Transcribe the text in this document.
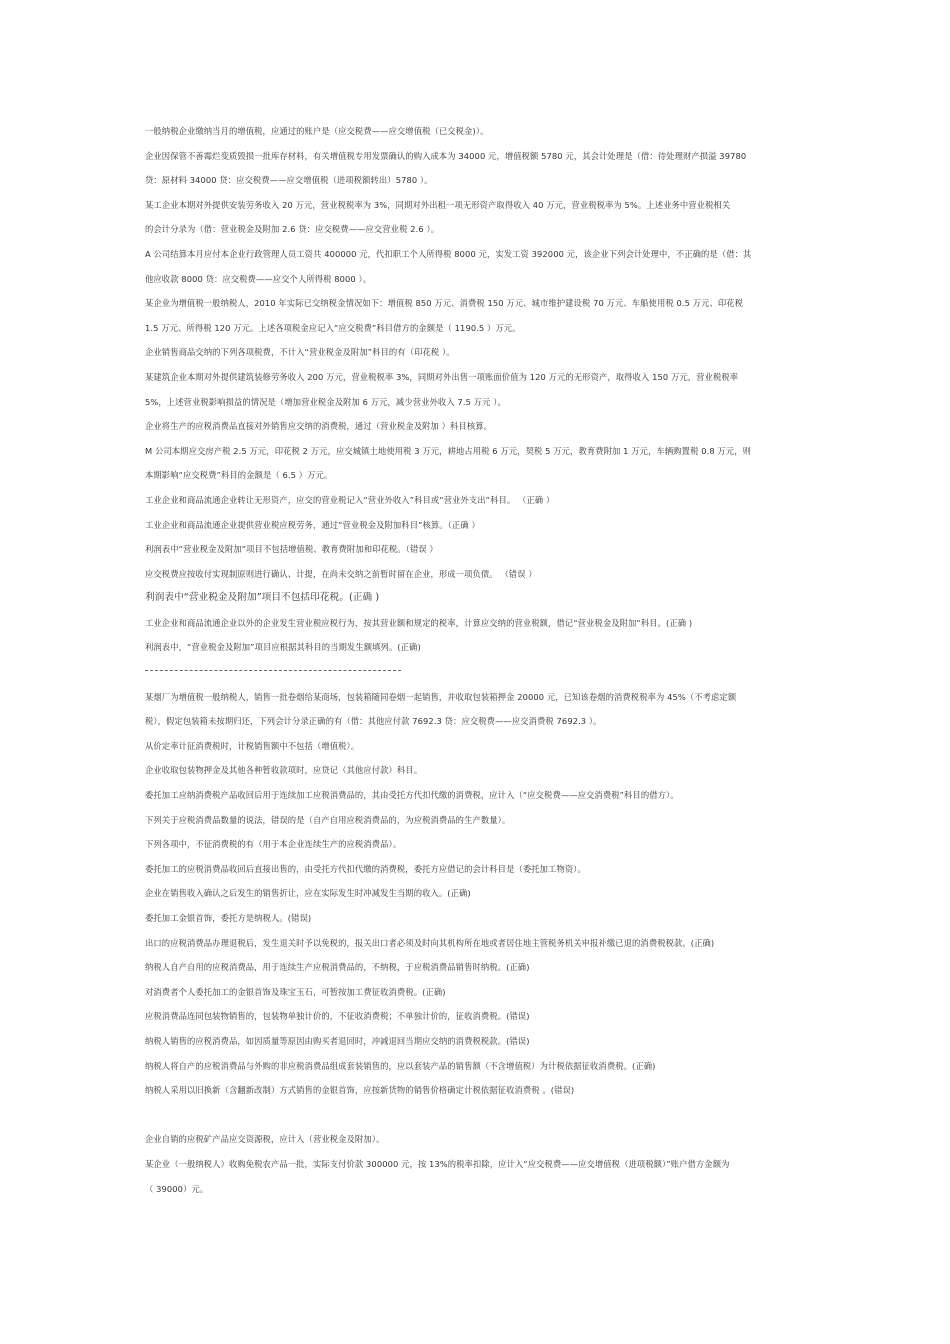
一般纳税企业缴纳当月的增值税，应通过的账户是（应交税费——应交增值税（已交税金)）。
企业因保管不善霉烂变质毁损一批库存材料，有关增值税专用发票确认的购入成本为 34000 元，增值税额 5780 元，其会计处理是（借：待处理财产损溢 39780
贷：原材料 34000 贷：应交税费——应交增值税（进项税额转出）5780 ）。
某工企业本期对外提供安装劳务收入 20 万元，营业税税率为 3%，同期对外出租一项无形资产取得收入 40 万元，营业税税率为 5%。上述业务中营业税相关
的会计分录为（借：营业税金及附加 2.6 贷：应交税费——应交营业税 2.6 ）。
A 公司结算本月应付本企业行政管理人员工资共 400000 元，代扣职工个人所得税 8000 元，实发工资 392000 元，该企业下列会计处理中，不正确的是（借：其
他应收款 8000 贷：应交税费——应交个人所得税 8000 ）。
某企业为增值税一般纳税人，2010 年实际已交纳税金情况如下：增值税 850 万元、消费税 150 万元、城市维护建设税 70 万元、车船使用税 0.5 万元、印花税
1.5 万元、所得税 120 万元。上述各项税金应记入“应交税费”科目借方的金额是（ 1190.5 ）万元。
企业销售商品交纳的下列各项税费，不计入“营业税金及附加”科目的有（印花税 ）。
某建筑企业本期对外提供建筑装修劳务收入 200 万元，营业税税率 3%，同期对外出售一项账面价值为 120 万元的无形资产，取得收入 150 万元，营业税税率
5%，上述营业税影响损益的情况是（增加营业税金及附加 6 万元，减少营业外收入 7.5 万元 ）。
企业将生产的应税消费品直接对外销售应交纳的消费税，通过（营业税金及附加 ）科目核算。
M 公司本期应交房产税 2.5 万元，印花税 2 万元，应交城镇土地使用税 3 万元，耕地占用税 6 万元，契税 5 万元，教育费附加 1 万元，车辆购置税 0.8 万元，则
本期影响“应交税费”科目的金额是（ 6.5 ）万元。
工业企业和商品流通企业转让无形资产，应交的营业税记入“营业外收入”科目或“营业外支出”科目。 （正确 ）
工业企业和商品流通企业提供营业税应税劳务，通过“营业税金及附加科目”核算。（正确 ）
利润表中“营业税金及附加”项目不包括增值税、教育费附加和印花税。（错误 ）
应交税费应按收付实现制原则进行确认、计提，在尚未交纳之前暂时留在企业，形成一项负债。 （错误 ）
利润表中“营业税金及附加”项目不包括印花税。(正确 )
工业企业和商品流通企业以外的企业发生营业税应税行为，按其营业额和规定的税率，计算应交纳的营业税额，借记“营业税金及附加“科目。(正确 )
利润表中，“营业税金及附加”项目应根据其科目的当期发生额填列。(正确)
某烟厂为增值税一般纳税人，销售一批卷烟给某商场，包装箱随同卷烟一起销售，并收取包装箱押金 20000 元，已知该卷烟的消费税税率为 45%（不考虑定额
税），假定包装箱未按期归还，下列会计分录正确的有（借：其他应付款 7692.3 贷：应交税费——应交消费税 7692.3 ）。
从价定率计征消费税时，计税销售额中不包括（增值税）。
企业收取包装物押金及其他各种暂收款项时，应贷记（其他应付款）科目。
委托加工应纳消费税产品收回后用于连续加工应税消费品的，其由受托方代扣代缴的消费税，应计入（“应交税费——应交消费税”科目的借方）。
下列关于应税消费品数量的说法，错误的是（自产自用应税消费品的，为应税消费品的生产数量）。
下列各项中，不征消费税的有（用于本企业连续生产的应税消费品）。
委托加工的应税消费品收回后直接出售的，由受托方代扣代缴的消费税，委托方应借记的会计科目是（委托加工物资）。
企业在销售收入确认之后发生的销售折让，应在实际发生时冲减发生当期的收入。(正确)
委托加工金银首饰，委托方是纳税人。(错误)
出口的应税消费品办理退税后，发生退关时予以免税的，报关出口者必须及时向其机构所在地或者居住地主管税务机关申报补缴已退的消费税税款。(正确)
纳税人自产自用的应税消费品，用于连续生产应税消费品的，不纳税，于应税消费品销售时纳税。(正确)
对消费者个人委托加工的金银首饰及珠宝玉石，可暂按加工费征收消费税。(正确)
应税消费品连同包装物销售的，包装物单独计价的，不征收消费税；不单独计价的，征收消费税。(错误)
纳税人销售的应税消费品，如因质量等原因由购买者退回时，冲减退回当期应交纳的消费税税款。(错误)
纳税人将自产的应税消费品与外购的非应税消费品组成套装销售的，应以套装产品的销售额（不含增值税）为计税依据征收消费税。(正确)
纳税人采用以旧换新（含翻新改制）方式销售的金银首饰，应按新货物的销售价格确定计税依据征收消费税 。(错误)
企业自销的应税矿产品应交资源税，应计入（营业税金及附加）。
某企业（一般纳税人）收购免税农产品一批，实际支付价款 300000 元，按 13%的税率扣除，应计入“应交税费——应交增值税（进项税额）”账户借方金额为
（ 39000）元。
